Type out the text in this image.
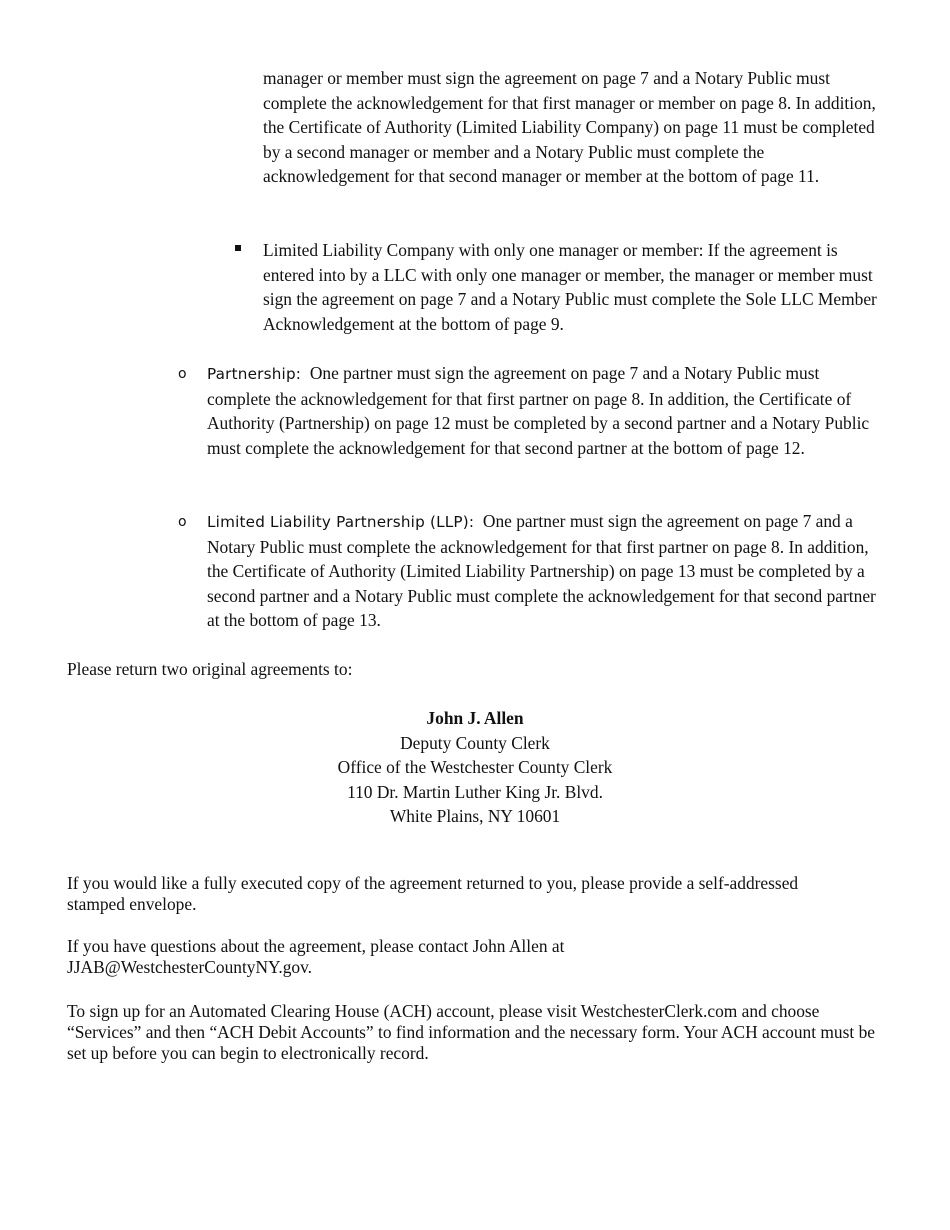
manager or member must sign the agreement on page 7 and a Notary Public must complete the acknowledgement for that first manager or member on page 8. In addition, the Certificate of Authority (Limited Liability Company) on page 11 must be completed by a second manager or member and a Notary Public must complete the acknowledgement for that second manager or member at the bottom of page 11.

Limited Liability Company with only one manager or member: If the agreement is entered into by a LLC with only one manager or member, the manager or member must sign the agreement on page 7 and a Notary Public must complete the Sole LLC Member Acknowledgement at the bottom of page 9.

o Partnership: One partner must sign the agreement on page 7 and a Notary Public must complete the acknowledgement for that first partner on page 8. In addition, the Certificate of Authority (Partnership) on page 12 must be completed by a second partner and a Notary Public must complete the acknowledgement for that second partner at the bottom of page 12.

o Limited Liability Partnership (LLP): One partner must sign the agreement on page 7 and a Notary Public must complete the acknowledgement for that first partner on page 8. In addition, the Certificate of Authority (Limited Liability Partnership) on page 13 must be completed by a second partner and a Notary Public must complete the acknowledgement for that second partner at the bottom of page 13.

Please return two original agreements to:

John J. Allen

Deputy County Clerk

Office of the Westchester County Clerk

110 Dr. Martin Luther King Jr. Blvd.

White Plains, NY 10601

If you would like a fully executed copy of the agreement returned to you, please provide a self-addressed stamped envelope.

If you have questions about the agreement, please contact John Allen at JJAB@WestchesterCountyNY.gov.

To sign up for an Automated Clearing House (ACH) account, please visit WestchesterClerk.com and choose “Services” and then “ACH Debit Accounts” to find information and the necessary form. Your ACH account must be set up before you can begin to electronically record.
